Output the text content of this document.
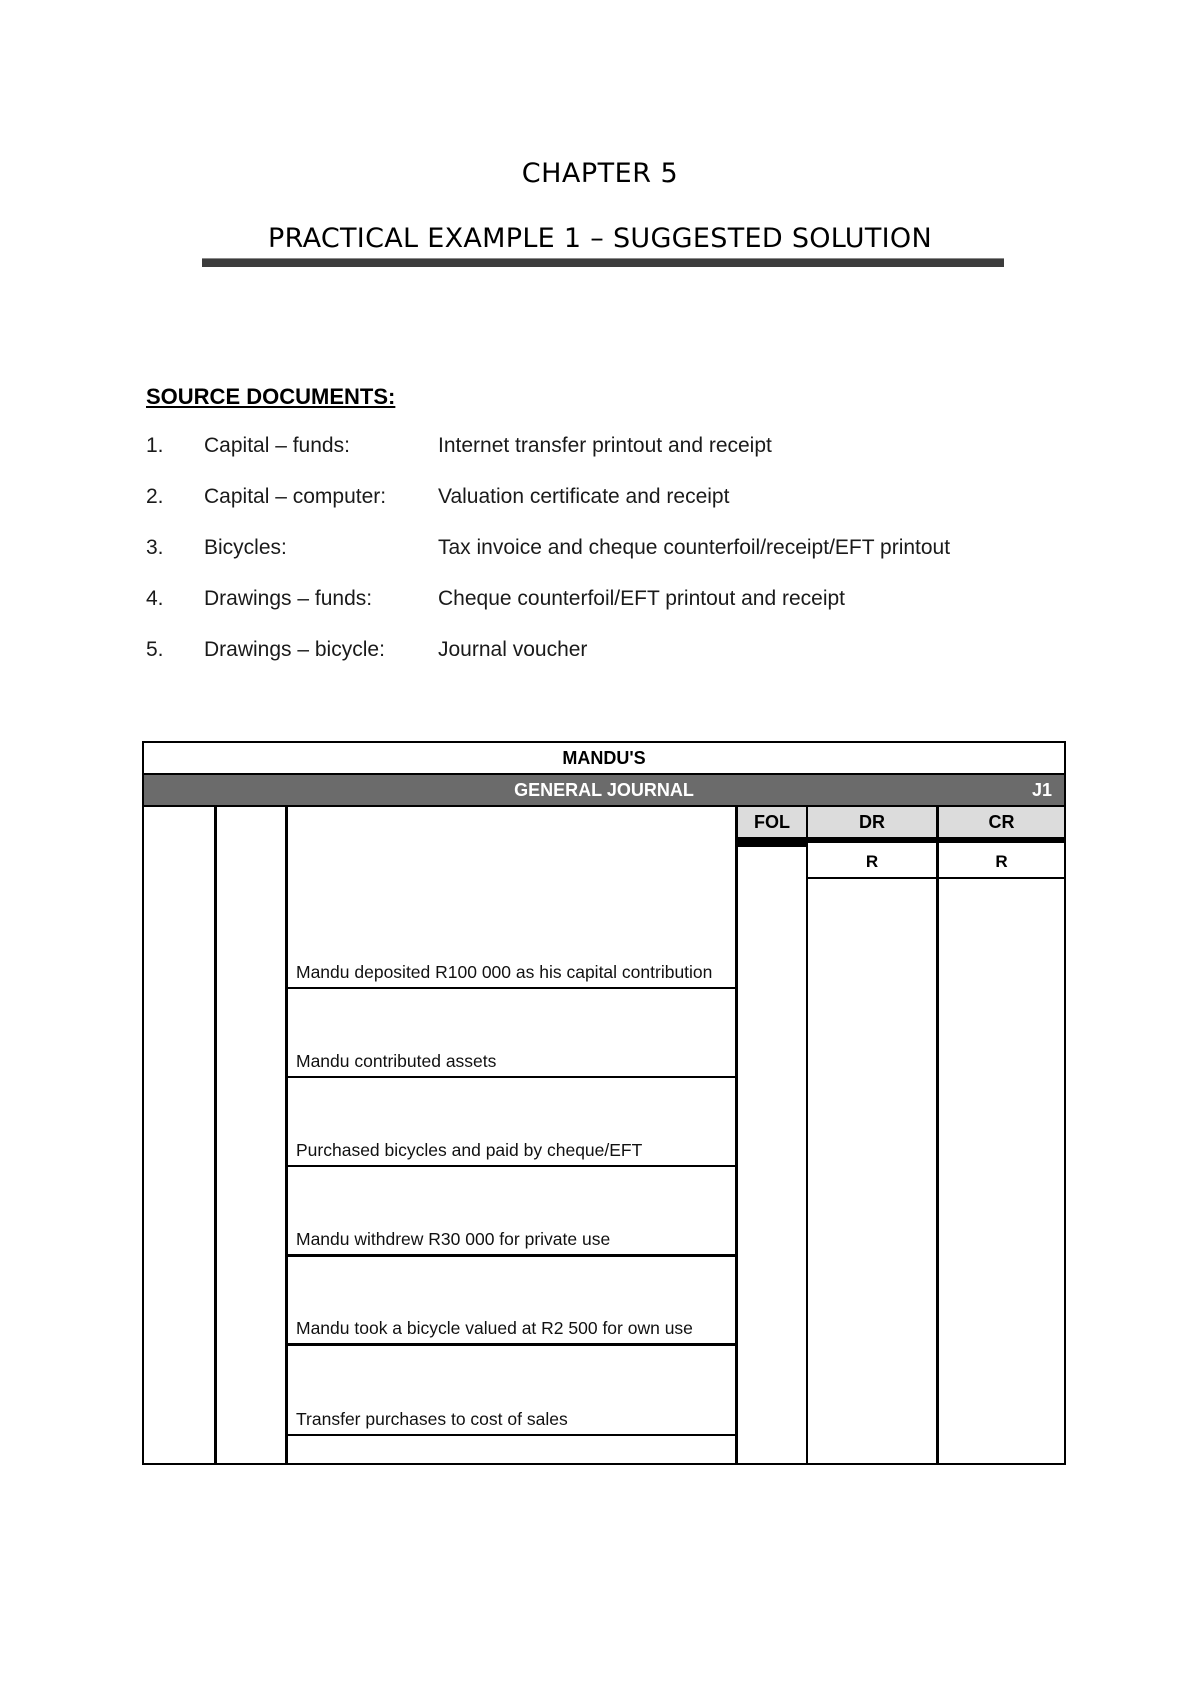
CHAPTER 5
PRACTICAL EXAMPLE 1 – SUGGESTED SOLUTION
SOURCE DOCUMENTS:
1. Capital – funds:	Internet transfer printout and receipt
2. Capital – computer: Valuation certificate and receipt
3. Bicycles:	Tax invoice and cheque counterfoil/receipt/EFT printout
4. Drawings – funds:	Cheque counterfoil/EFT printout and receipt
5. Drawings – bicycle:	Journal voucher
MANDU'S
GENERAL JOURNAL	J1
FOL	DR	CR
R	R
Mandu deposited R100 000 as his capital contribution
Mandu contributed assets
Purchased bicycles and paid by cheque/EFT
Mandu withdrew R30 000 for private use
Mandu took a bicycle valued at R2 500 for own use
Transfer purchases to cost of sales
